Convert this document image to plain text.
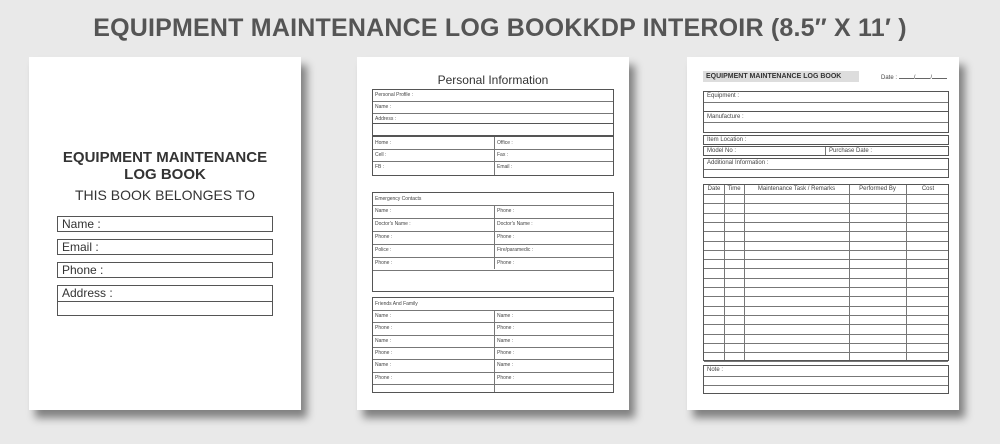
EQUIPMENT MAINTENANCE LOG BOOKKDP INTEROIR (8.5″ X 11′ )
EQUIPMENT MAINTENANCE
LOG BOOK
THIS BOOK BELONGES TO
Name :
Email :
Phone :
Address :
Personal Information
Personal Profile :
Name :
Address :
Home :	Office :
Cell :	Fax :
FB :	Email :
Emergency Contacts
Name :	Phone :
Doctor's Name :	Doctor's Name :
Phone :	Phone :
Police :	Fire/paramedic :
Phone :	Phone :
Friends And Family
Name :	Name :
Phone :	Phone :
Name :	Name :
Phone :	Phone :
Name :	Name :
Phone :	Phone :
EQUIPMENT MAINTENANCE LOG BOOK	Date :	/	/
Equipment :
Manufacture :
Item Location :
Model No :	Purchase Date :
Additional Information :
Date	Time	Maintenance Task / Remarks	Performed By	Cost
Note :
